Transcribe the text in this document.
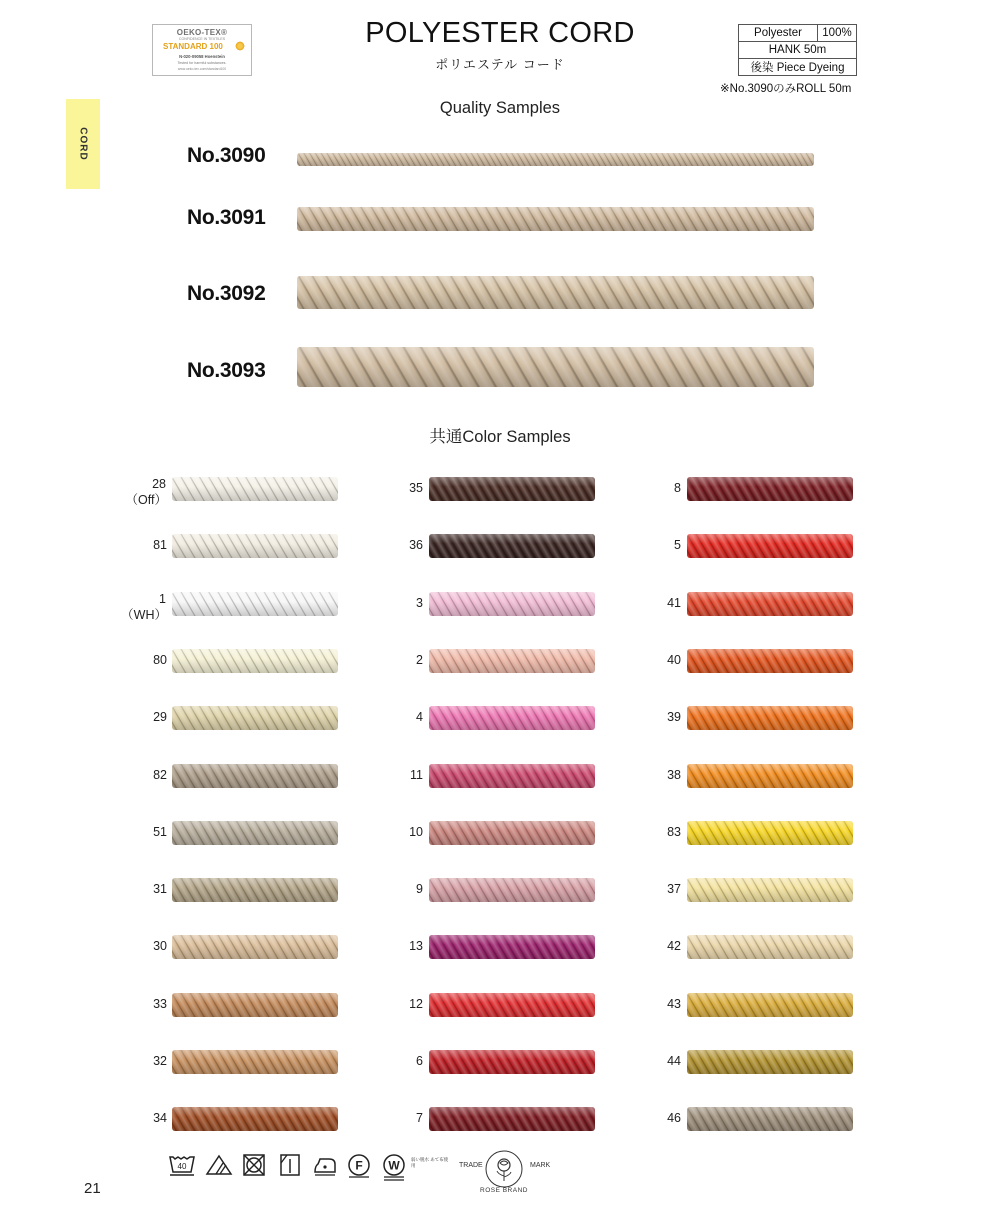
OEKO-TEX®
CONFIDENCE IN TEXTILES
STANDARD 100
N-020-09058 Hoenstein
Tested for harmful substances.
www.oeko-tex.com/standard100
POLYESTER CORD
ポリエステル コード
Polyester	100%
HANK 50m
後染 Piece Dyeing
※No.3090のみROLL 50m
CORD
Quality Samples
No.3090
No.3091
No.3092
No.3093
共通Color Samples
28
（Off）
81
1
（WH）
80
29
82
51
31
30
33
32
34
35
36
3
2
4
11
10
9
13
12
6
7
8
5
41
40
39
38
83
37
42
43
44
46
40	F W	弱い脱水 あて布使用	TRADE	MARK
ROSE BRAND
21
